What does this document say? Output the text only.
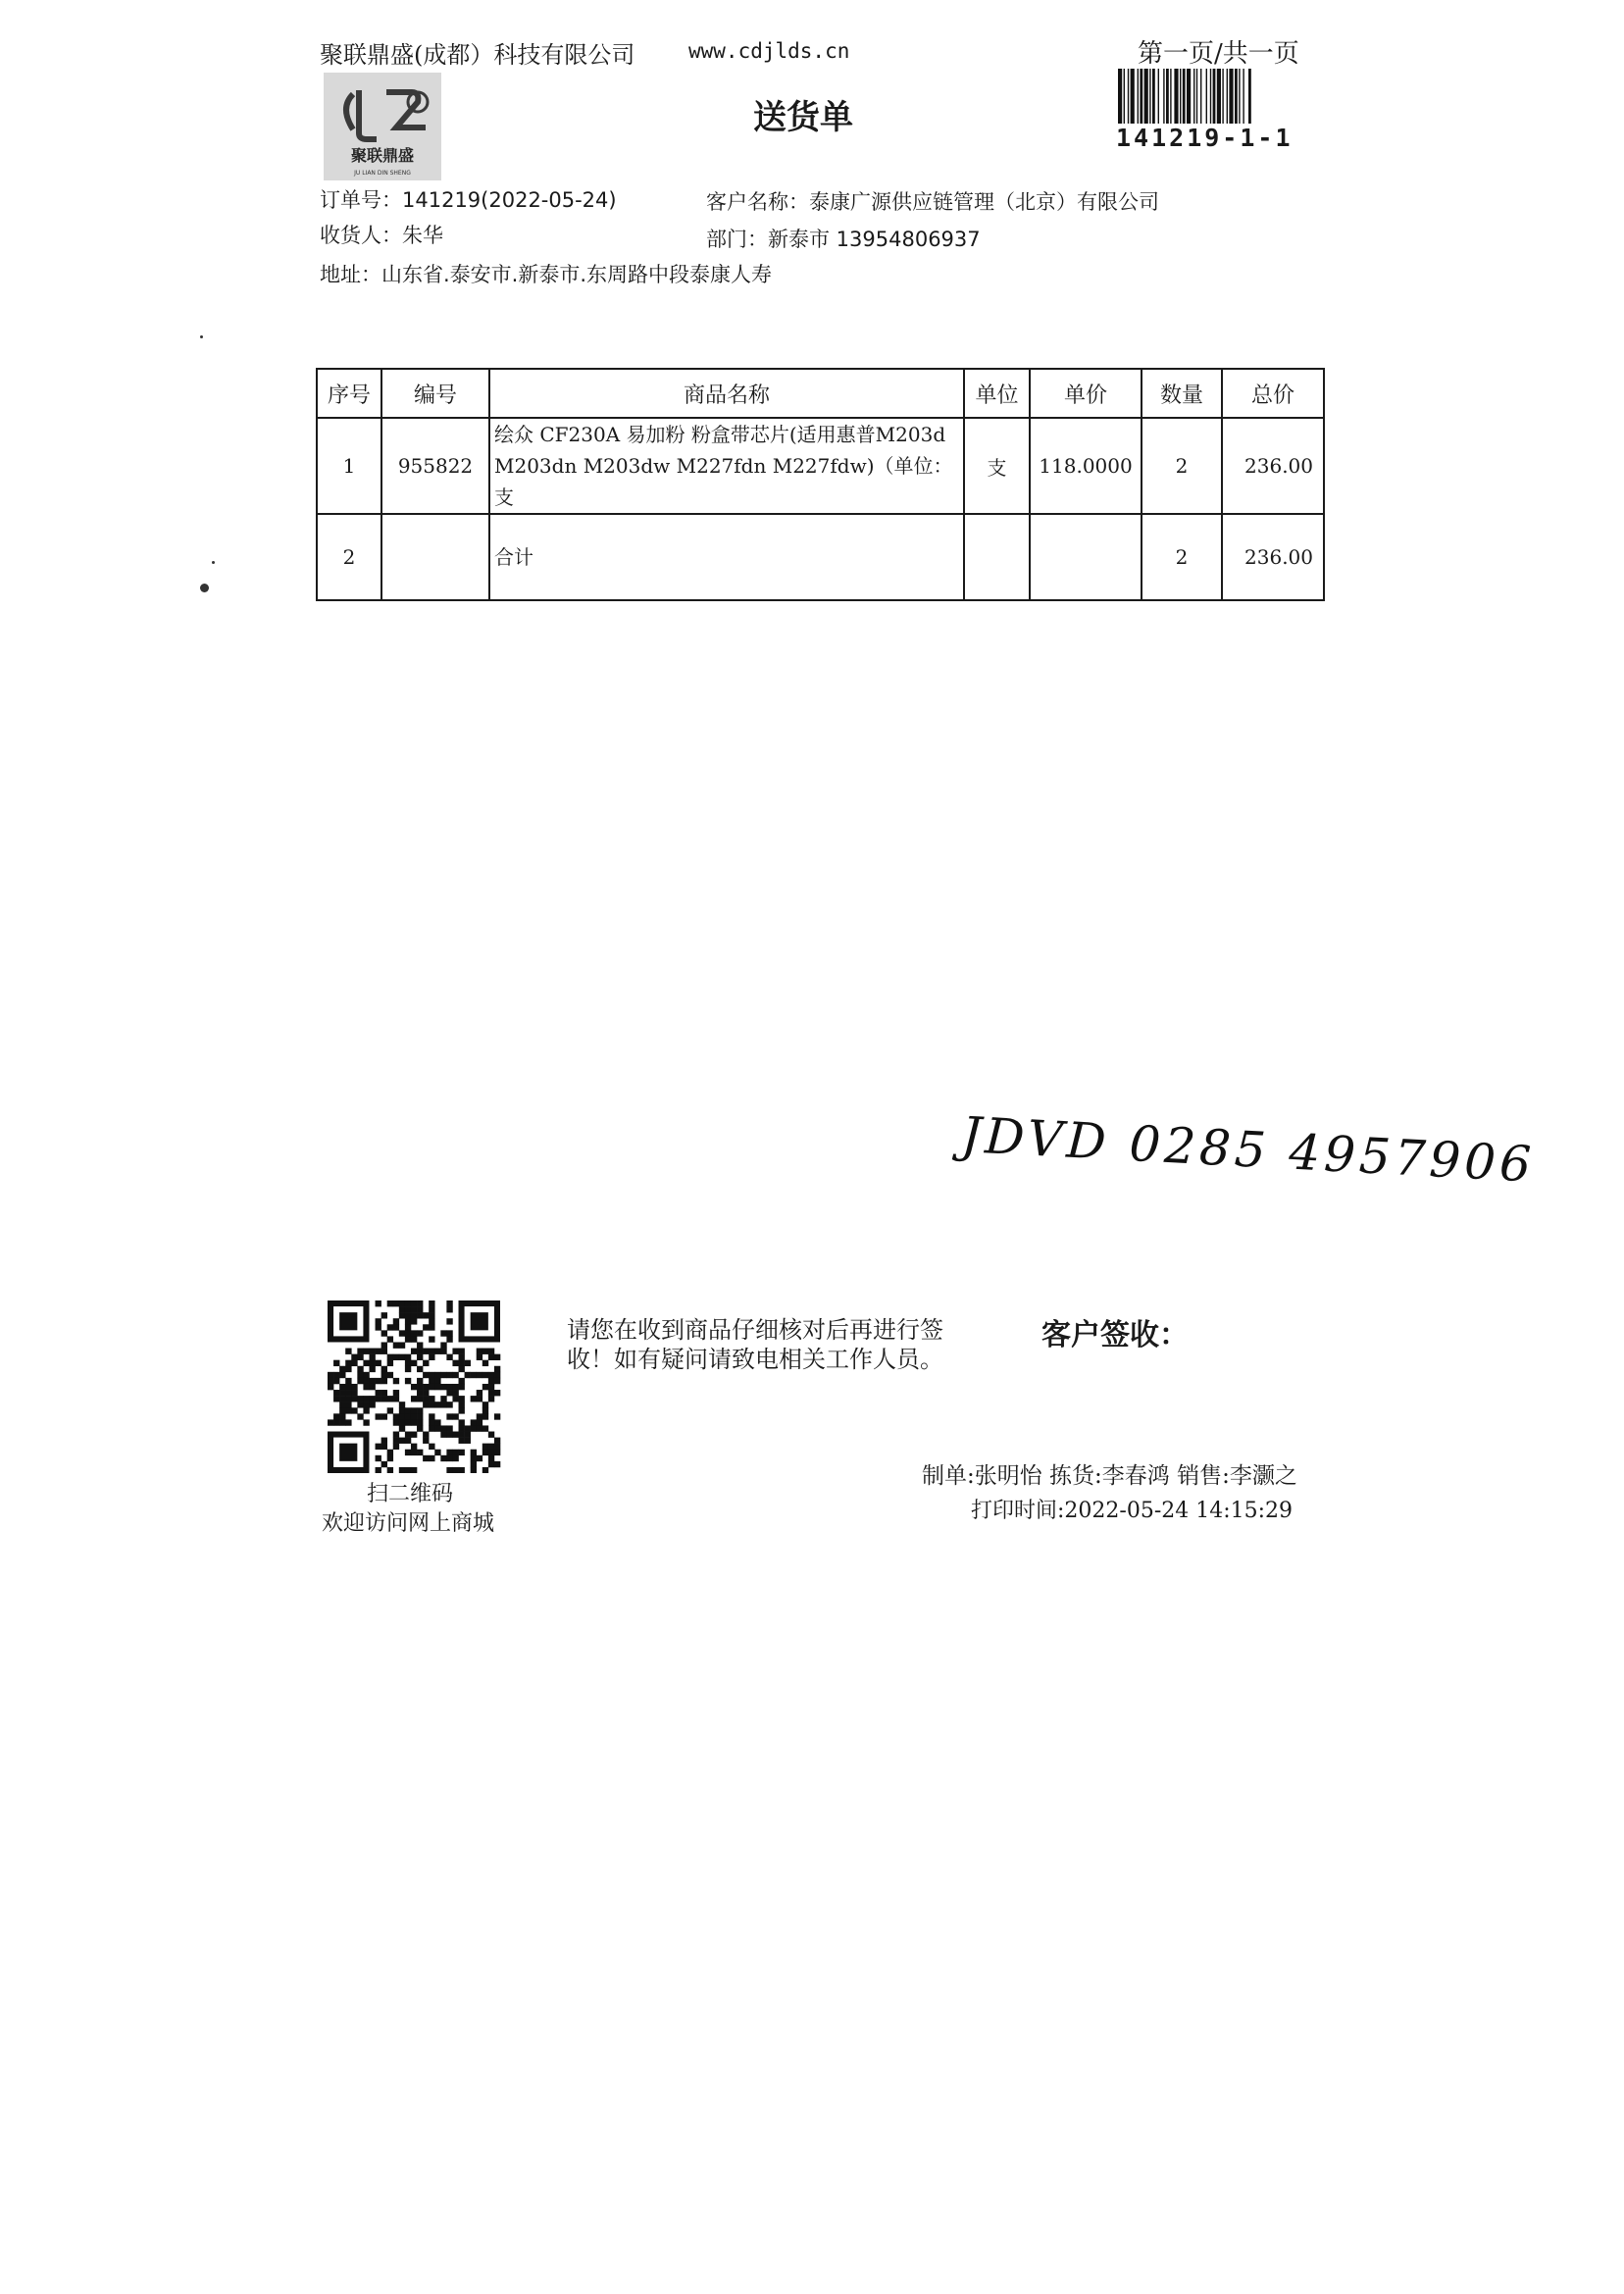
聚联鼎盛(成都）科技有限公司	www.cdjlds.cn	第一页/共一页
送货单
聚联鼎盛
JU LIAN DIN SHENG
141219-1-1
订单号：141219(2022-05-24)
收货人：朱华
地址：山东省.泰安市.新泰市.东周路中段泰康人寿
客户名称：泰康广源供应链管理（北京）有限公司
部门：新泰市 13954806937
序号	编号	商品名称	单位	单价	数量	总价
1	955822	绘众 CF230A 易加粉 粉盒带芯片(适用惠普M203d
M203dn M203dw M227fdn M227fdw)（单位：支	支	118.0000	2	236.00
2		合计			2	236.00
JDVD 0285 4957906
扫二维码
欢迎访问网上商城
请您在收到商品仔细核对后再进行签
收！如有疑问请致电相关工作人员。
客户签收：
制单:张明怡 拣货:李春鸿 销售:李灏之
打印时间:2022-05-24 14:15:29
